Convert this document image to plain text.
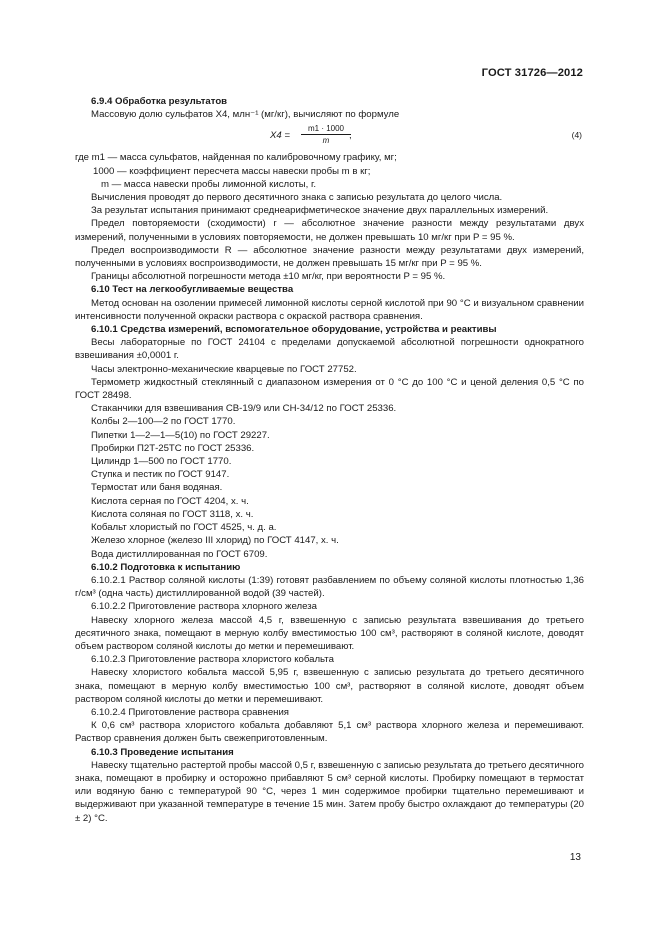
ГОСТ 31726—2012

6.9.4 Обработка результатов

Массовую долю сульфатов X4, млн⁻¹ (мг/кг), вычисляют по формуле

$X4 = \frac{m1 \cdot 1000}{m}$
,	(4)

где m1 — масса сульфатов, найденная по калибровочному графику, мг;

1000 — коэффициент пересчета массы навески пробы m в кг;

m — масса навески пробы лимонной кислоты, г.

Вычисления проводят до первого десятичного знака с записью результата до целого числа.

За результат испытания принимают среднеарифметическое значение двух параллельных измерений.

Предел повторяемости (сходимости) r — абсолютное значение разности между результатами двух измерений, полученными в условиях повторяемости, не должен превышать 10 мг/кг при P = 95 %.

Предел воспроизводимости R — абсолютное значение разности между результатами двух измерений, полученными в условиях воспроизводимости, не должен превышать 15 мг/кг при P = 95 %.

Границы абсолютной погрешности метода ±10 мг/кг, при вероятности P = 95 %.

6.10 Тест на легкообугливаемые вещества

Метод основан на озолении примесей лимонной кислоты серной кислотой при 90 °C и визуальном сравнении интенсивности полученной окраски раствора с окраской раствора сравнения.

6.10.1 Средства измерений, вспомогательное оборудование, устройства и реактивы

Весы лабораторные по ГОСТ 24104 с пределами допускаемой абсолютной погрешности однократного взвешивания ±0,0001 г.

Часы электронно-механические кварцевые по ГОСТ 27752.

Термометр жидкостный стеклянный с диапазоном измерения от 0 °C до 100 °C и ценой деления 0,5 °C по ГОСТ 28498.

Стаканчики для взвешивания СВ-19/9 или СН-34/12 по ГОСТ 25336.

Колбы 2—100—2 по ГОСТ 1770.

Пипетки 1—2—1—5(10) по ГОСТ 29227.

Пробирки П2Т-25ТС по ГОСТ 25336.

Цилиндр 1—500 по ГОСТ 1770.

Ступка и пестик по ГОСТ 9147.

Термостат или баня водяная.

Кислота серная по ГОСТ 4204, х. ч.

Кислота соляная по ГОСТ 3118, х. ч.

Кобальт хлористый по ГОСТ 4525, ч. д. а.

Железо хлорное (железо III хлорид) по ГОСТ 4147, х. ч.

Вода дистиллированная по ГОСТ 6709.

6.10.2 Подготовка к испытанию

6.10.2.1 Раствор соляной кислоты (1:39) готовят разбавлением по объему соляной кислоты плотностью 1,36 г/см³ (одна часть) дистиллированной водой (39 частей).

6.10.2.2 Приготовление раствора хлорного железа

Навеску хлорного железа массой 4,5 г, взвешенную с записью результата взвешивания до третьего десятичного знака, помещают в мерную колбу вместимостью 100 см³, растворяют в соляной кислоте, доводят объем раствором соляной кислоты до метки и перемешивают.

6.10.2.3 Приготовление раствора хлористого кобальта

Навеску хлористого кобальта массой 5,95 г, взвешенную с записью результата до третьего десятичного знака, помещают в мерную колбу вместимостью 100 см³, растворяют в соляной кислоте, доводят объем раствором соляной кислоты до метки и перемешивают.

6.10.2.4 Приготовление раствора сравнения

К 0,6 см³ раствора хлористого кобальта добавляют 5,1 см³ раствора хлорного железа и перемешивают. Раствор сравнения должен быть свежеприготовленным.

6.10.3 Проведение испытания

Навеску тщательно растертой пробы массой 0,5 г, взвешенную с записью результата до третьего десятичного знака, помещают в пробирку и осторожно прибавляют 5 см³ серной кислоты. Пробирку помещают в термостат или водяную баню с температурой 90 °C, через 1 мин содержимое пробирки тщательно перемешивают и выдерживают при указанной температуре в течение 15 мин. Затем пробу быстро охлаждают до температуры (20 ± 2) °C.

13
